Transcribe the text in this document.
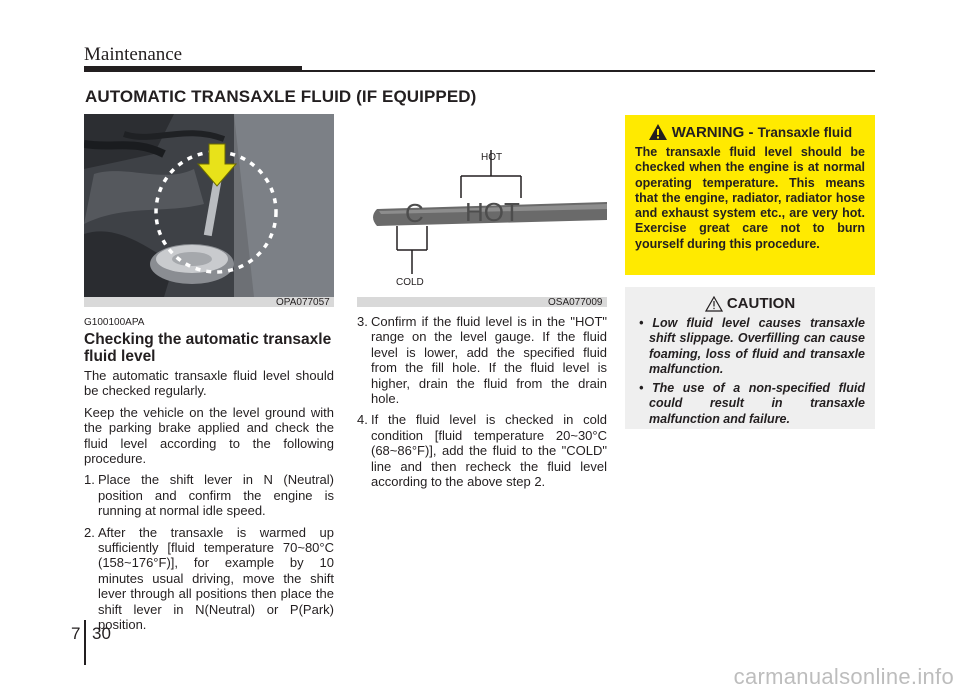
Maintenance
AUTOMATIC TRANSAXLE FLUID (IF EQUIPPED)
OPA077057
C HOT
HOT
COLD
OSA077009
G100100APA
Checking the automatic transaxle fluid level

The automatic transaxle fluid level should be checked regularly.

Keep the vehicle on the level ground with the parking brake applied and check the fluid level according to the following procedure.

1. Place the shift lever in N (Neutral) position and confirm the engine is running at normal idle speed.
2. After the transaxle is warmed up sufficiently [fluid temperature 70~80°C (158~176°F)], for example by 10 minutes usual driving, move the shift lever through all positions then place the shift lever in N(Neutral) or P(Park) position.
3. Confirm if the fluid level is in the "HOT" range on the level gauge. If the fluid level is lower, add the specified fluid from the fill hole. If the fluid level is higher, drain the fluid from the drain hole.
4. If the fluid level is checked in cold condition [fluid temperature 20~30°C (68~86°F)], add the fluid to the "COLD" line and then recheck the fluid level according to the above step 2.
WARNING - Transaxle fluid
The transaxle fluid level should be checked when the engine is at normal operating temperature. This means that the engine, radiator, radiator hose and exhaust system etc., are very hot. Exercise great care not to burn yourself during this procedure.
CAUTION
• Low fluid level causes transaxle shift slippage. Overfilling can cause foaming, loss of fluid and transaxle malfunction.
• The use of a non-specified fluid could result in transaxle malfunction and failure.
7 30
carmanualsonline.info
